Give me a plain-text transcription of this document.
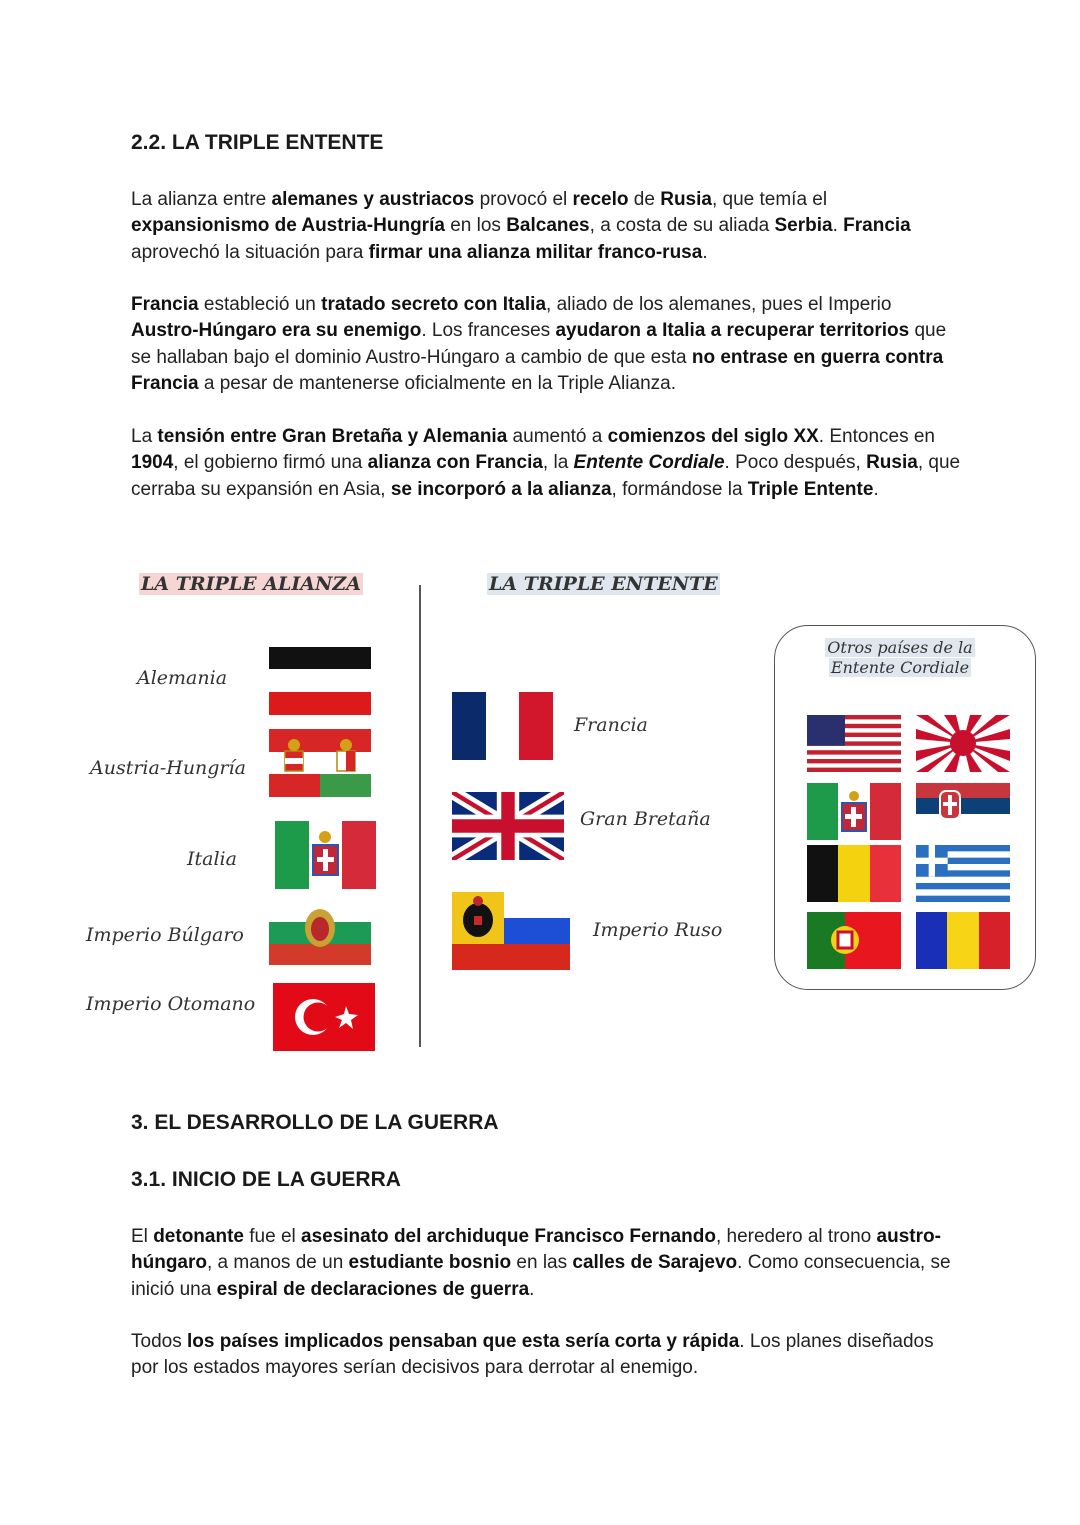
2.2. LA TRIPLE ENTENTE

La alianza entre alemanes y austriacos provocó el recelo de Rusia, que temía el expansionismo de Austria-Hungría en los Balcanes, a costa de su aliada Serbia. Francia aprovechó la situación para firmar una alianza militar franco-rusa.

Francia estableció un tratado secreto con Italia, aliado de los alemanes, pues el Imperio Austro-Húngaro era su enemigo. Los franceses ayudaron a Italia a recuperar territorios que se hallaban bajo el dominio Austro-Húngaro a cambio de que esta no entrase en guerra contra Francia a pesar de mantenerse oficialmente en la Triple Alianza.

La tensión entre Gran Bretaña y Alemania aumentó a comienzos del siglo XX. Entonces en 1904, el gobierno firmó una alianza con Francia, la Entente Cordiale. Poco después, Rusia, que cerraba su expansión en Asia, se incorporó a la alianza, formándose la Triple Entente.

LA TRIPLE ALIANZA	LA TRIPLE ENTENTE
Alemania
Austria-Hungría
Italia
Imperio Búlgaro
Imperio Otomano
Francia
Gran Bretaña
Imperio Ruso
Otros países de la
Entente Cordiale
3. EL DESARROLLO DE LA GUERRA
3.1. INICIO DE LA GUERRA

El detonante fue el asesinato del archiduque Francisco Fernando, heredero al trono austro-húngaro, a manos de un estudiante bosnio en las calles de Sarajevo. Como consecuencia, se inició una espiral de declaraciones de guerra.

Todos los países implicados pensaban que esta sería corta y rápida. Los planes diseñados por los estados mayores serían decisivos para derrotar al enemigo.
